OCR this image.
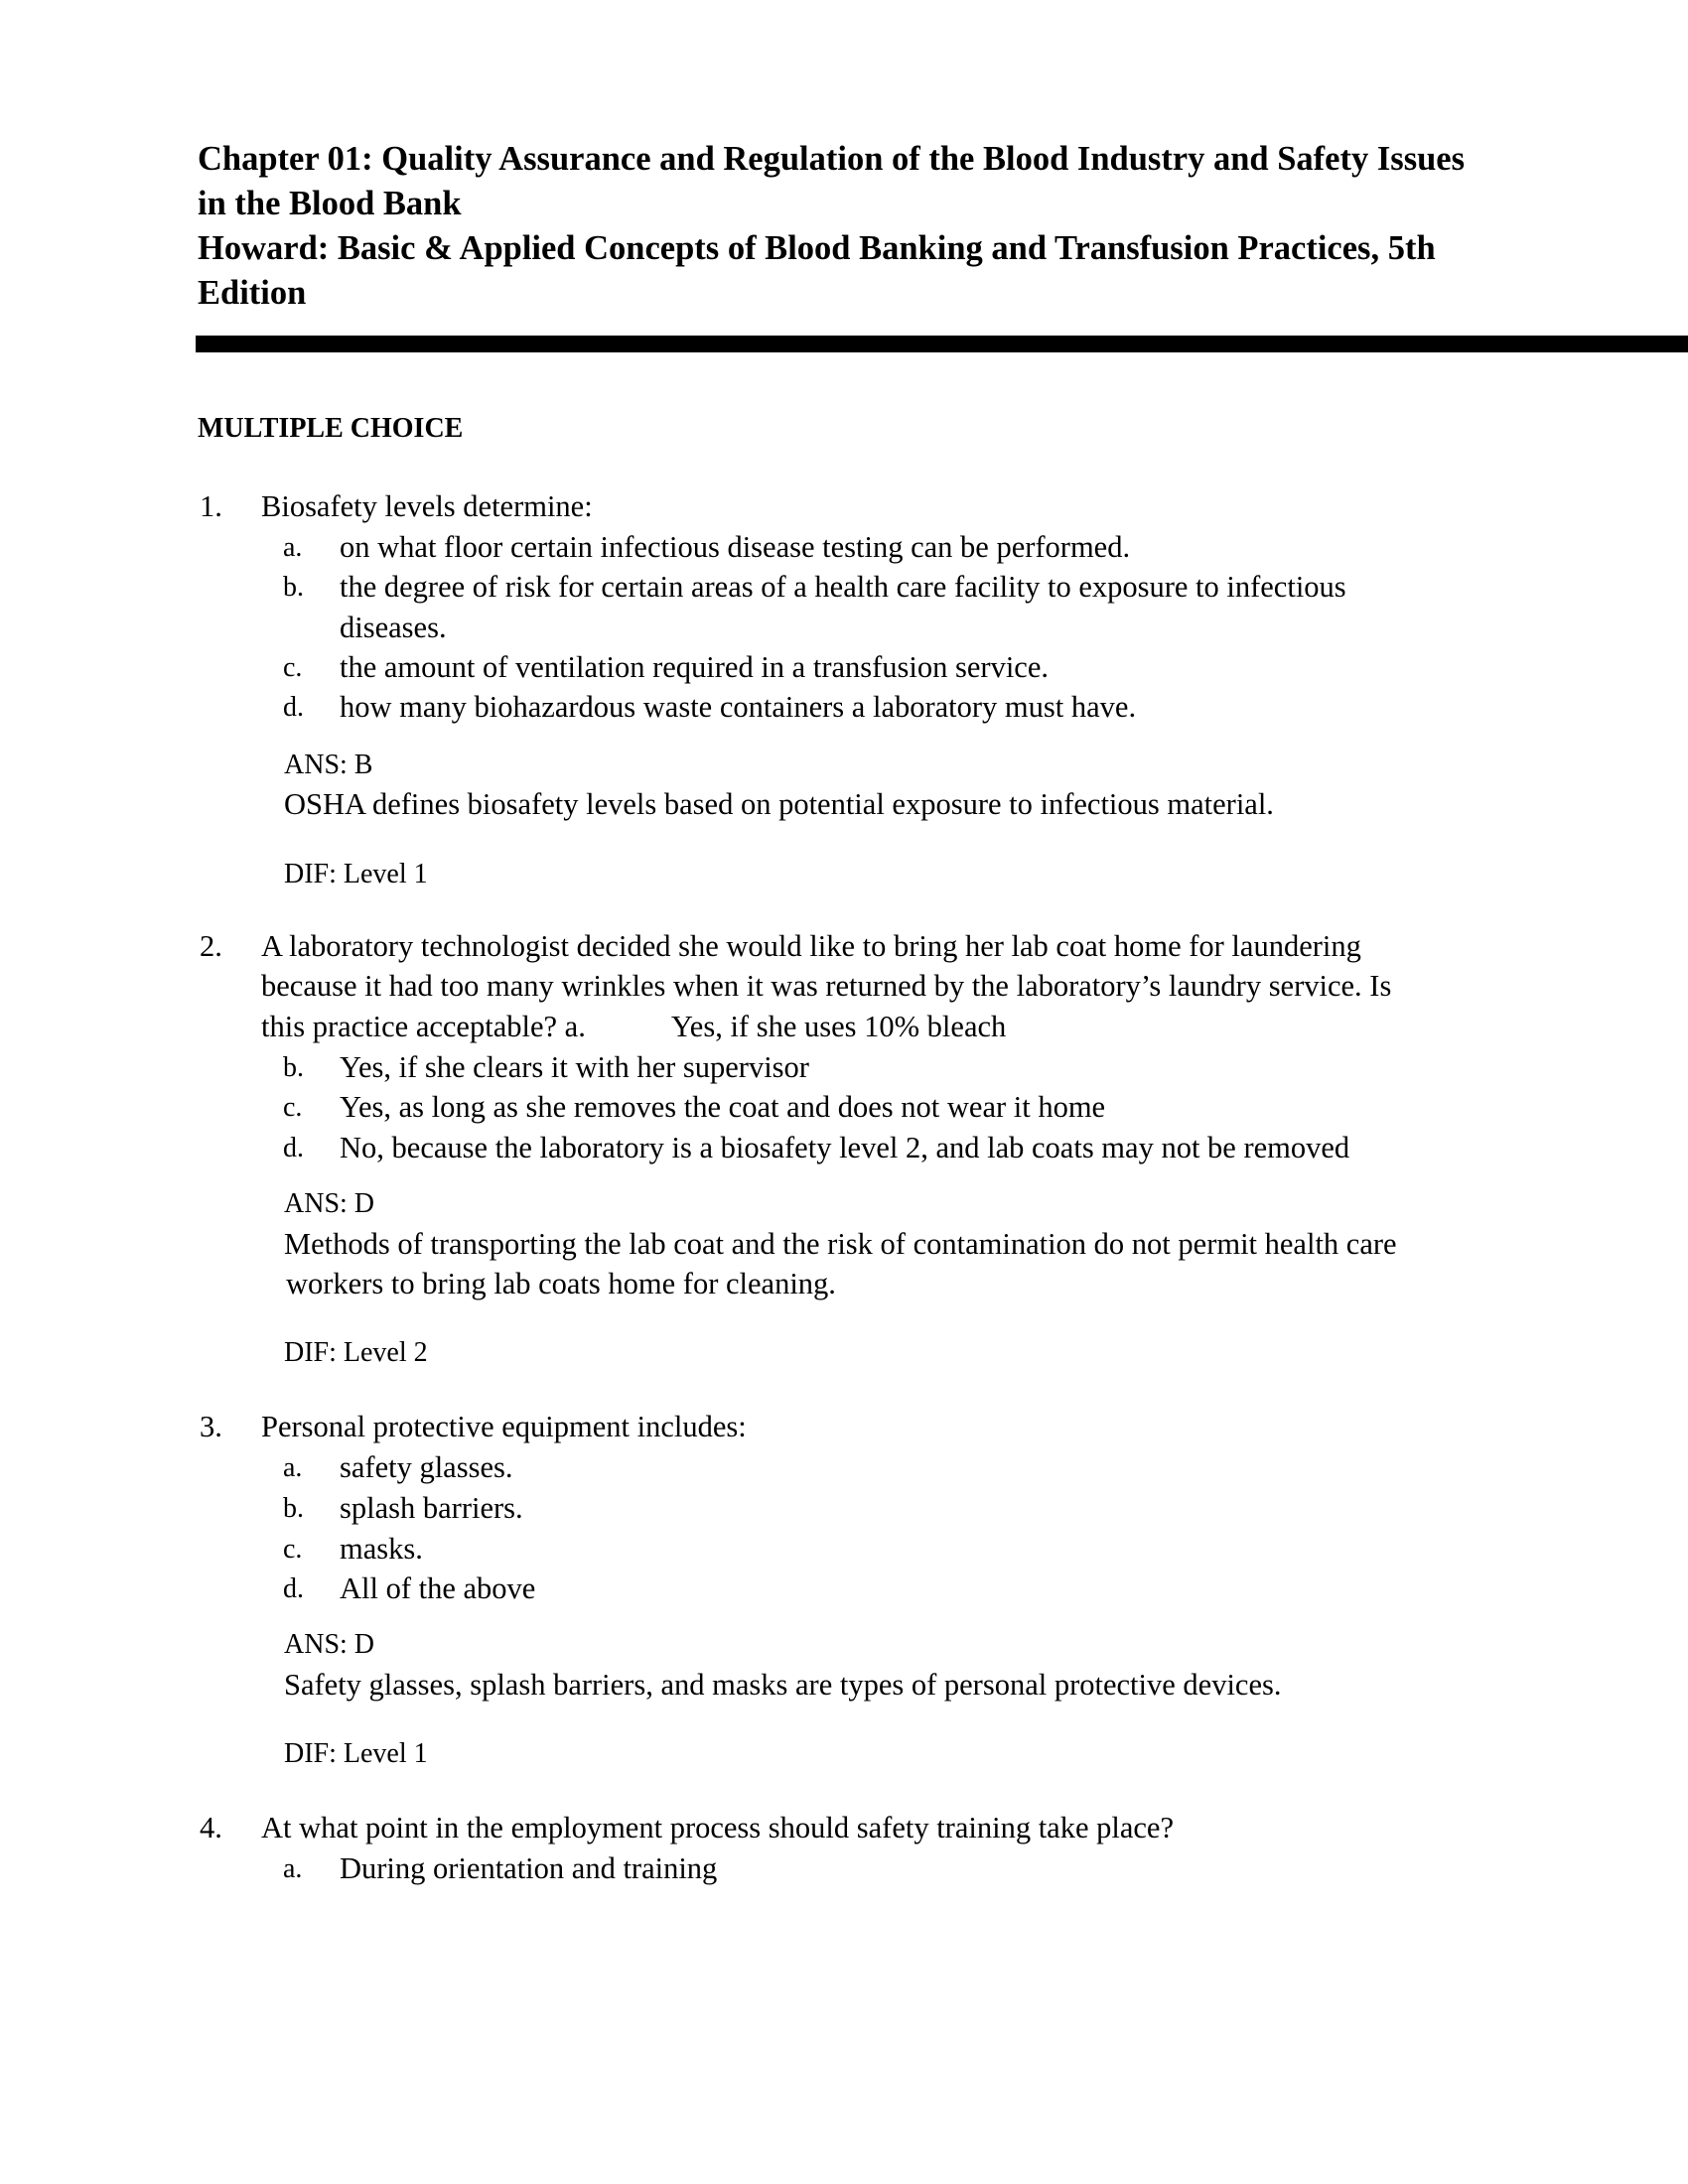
Chapter 01: Quality Assurance and Regulation of the Blood Industry and Safety Issues
in the Blood Bank
Howard: Basic & Applied Concepts of Blood Banking and Transfusion Practices, 5th
Edition
MULTIPLE CHOICE
1. Biosafety levels determine:
a. on what floor certain infectious disease testing can be performed.
b. the degree of risk for certain areas of a health care facility to exposure to infectious
diseases.
c. the amount of ventilation required in a transfusion service.
d. how many biohazardous waste containers a laboratory must have.
ANS: B
OSHA defines biosafety levels based on potential exposure to infectious material.
DIF: Level 1
2. A laboratory technologist decided she would like to bring her lab coat home for laundering
because it had too many wrinkles when it was returned by the laboratory’s laundry service. Is
this practice acceptable? a.	Yes, if she uses 10% bleach
b. Yes, if she clears it with her supervisor
c. Yes, as long as she removes the coat and does not wear it home
d. No, because the laboratory is a biosafety level 2, and lab coats may not be removed
ANS: D
Methods of transporting the lab coat and the risk of contamination do not permit health care
workers to bring lab coats home for cleaning.
DIF: Level 2
3. Personal protective equipment includes:
a. safety glasses.
b. splash barriers.
c. masks.
d. All of the above
ANS: D
Safety glasses, splash barriers, and masks are types of personal protective devices.
DIF: Level 1
4. At what point in the employment process should safety training take place?
a. During orientation and training
